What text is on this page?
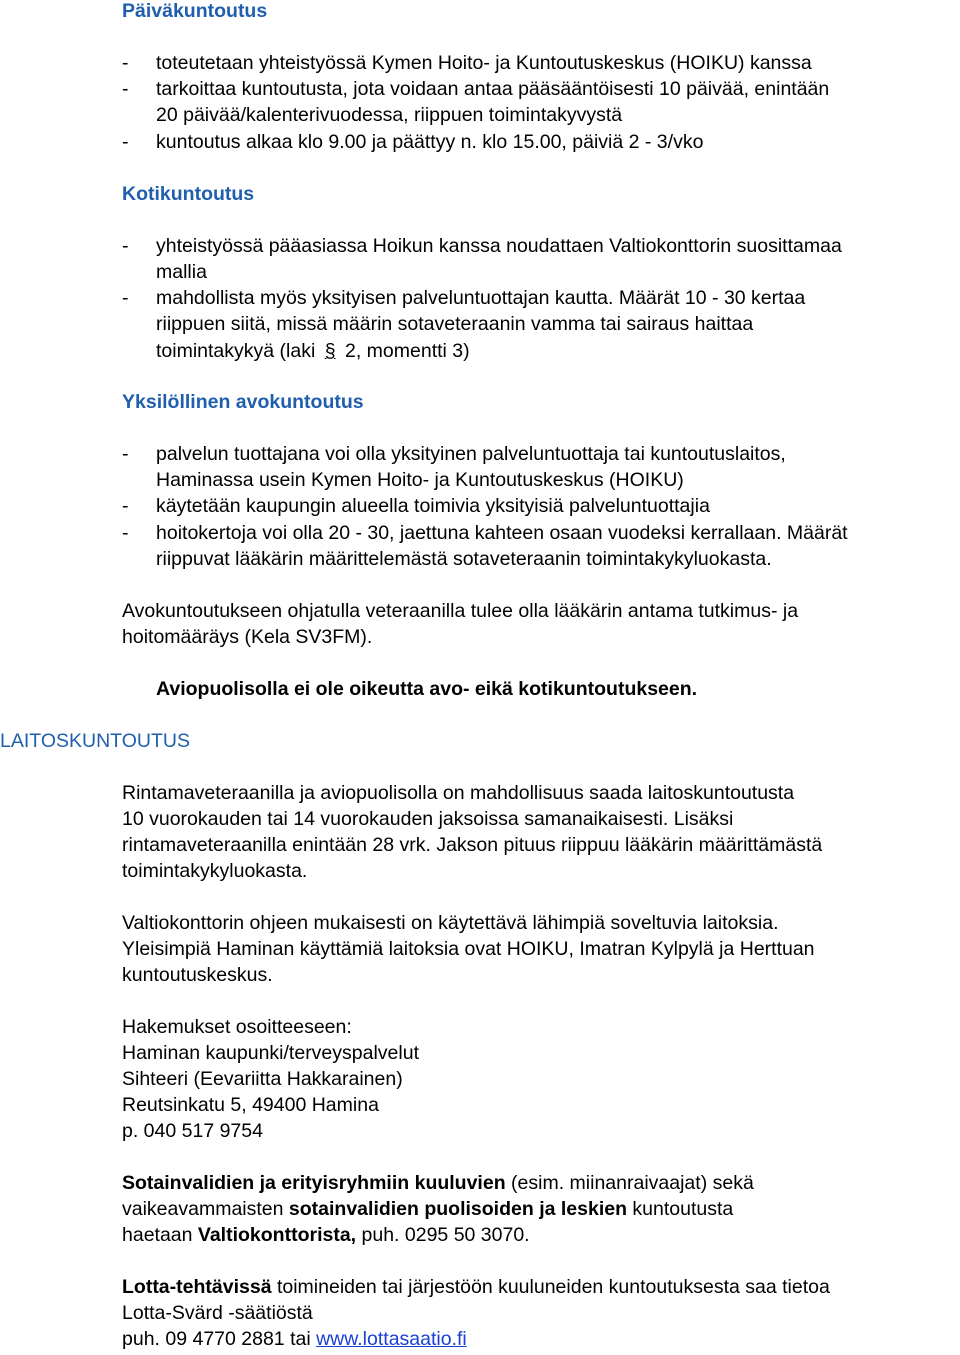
Päiväkuntoutus
- toteutetaan yhteistyössä Kymen Hoito- ja Kuntoutuskeskus (HOIKU) kanssa
- tarkoittaa kuntoutusta, jota voidaan antaa pääsääntöisesti 10 päivää, enintään
20 päivää/kalenterivuodessa, riippuen toimintakyvystä
- kuntoutus alkaa klo 9.00 ja päättyy n. klo 15.00, päiviä 2 - 3/vko
Kotikuntoutus
- yhteistyössä pääasiassa Hoikun kanssa noudattaen Valtiokonttorin suosittamaa
mallia
- mahdollista myös yksityisen palveluntuottajan kautta. Määrät 10 - 30 kertaa
riippuen siitä, missä määrin sotaveteraanin vamma tai sairaus haittaa
toimintakykyä (laki § 2, momentti 3)
Yksilöllinen avokuntoutus
- palvelun tuottajana voi olla yksityinen palveluntuottaja tai kuntoutuslaitos,
Haminassa usein Kymen Hoito- ja Kuntoutuskeskus (HOIKU)
- käytetään kaupungin alueella toimivia yksityisiä palveluntuottajia
- hoitokertoja voi olla 20 - 30, jaettuna kahteen osaan vuodeksi kerrallaan. Määrät
riippuvat lääkärin määrittelemästä sotaveteraanin toimintakykyluokasta.
Avokuntoutukseen ohjatulla veteraanilla tulee olla lääkärin antama tutkimus- ja
hoitomääräys (Kela SV3FM).
Aviopuolisolla ei ole oikeutta avo- eikä kotikuntoutukseen.
LAITOSKUNTOUTUS
Rintamaveteraanilla ja aviopuolisolla on mahdollisuus saada laitoskuntoutusta
10 vuorokauden tai 14 vuorokauden jaksoissa samanaikaisesti. Lisäksi
rintamaveteraanilla enintään 28 vrk. Jakson pituus riippuu lääkärin määrittämästä
toimintakykyluokasta.
Valtiokonttorin ohjeen mukaisesti on käytettävä lähimpiä soveltuvia laitoksia.
Yleisimpiä Haminan käyttämiä laitoksia ovat HOIKU, Imatran Kylpylä ja Herttuan
kuntoutuskeskus.
Hakemukset osoitteeseen:
Haminan kaupunki/terveyspalvelut
Sihteeri (Eevariitta Hakkarainen)
Reutsinkatu 5, 49400 Hamina
p. 040 517 9754
Sotainvalidien ja erityisryhmiin kuuluvien (esim. miinanraivaajat) sekä
vaikeavammaisten sotainvalidien puolisoiden ja leskien kuntoutusta
haetaan Valtiokonttorista, puh. 0295 50 3070.
Lotta-tehtävissä toimineiden tai järjestöön kuuluneiden kuntoutuksesta saa tietoa
Lotta-Svärd -säätiöstä
puh. 09 4770 2881 tai www.lottasaatio.fi
